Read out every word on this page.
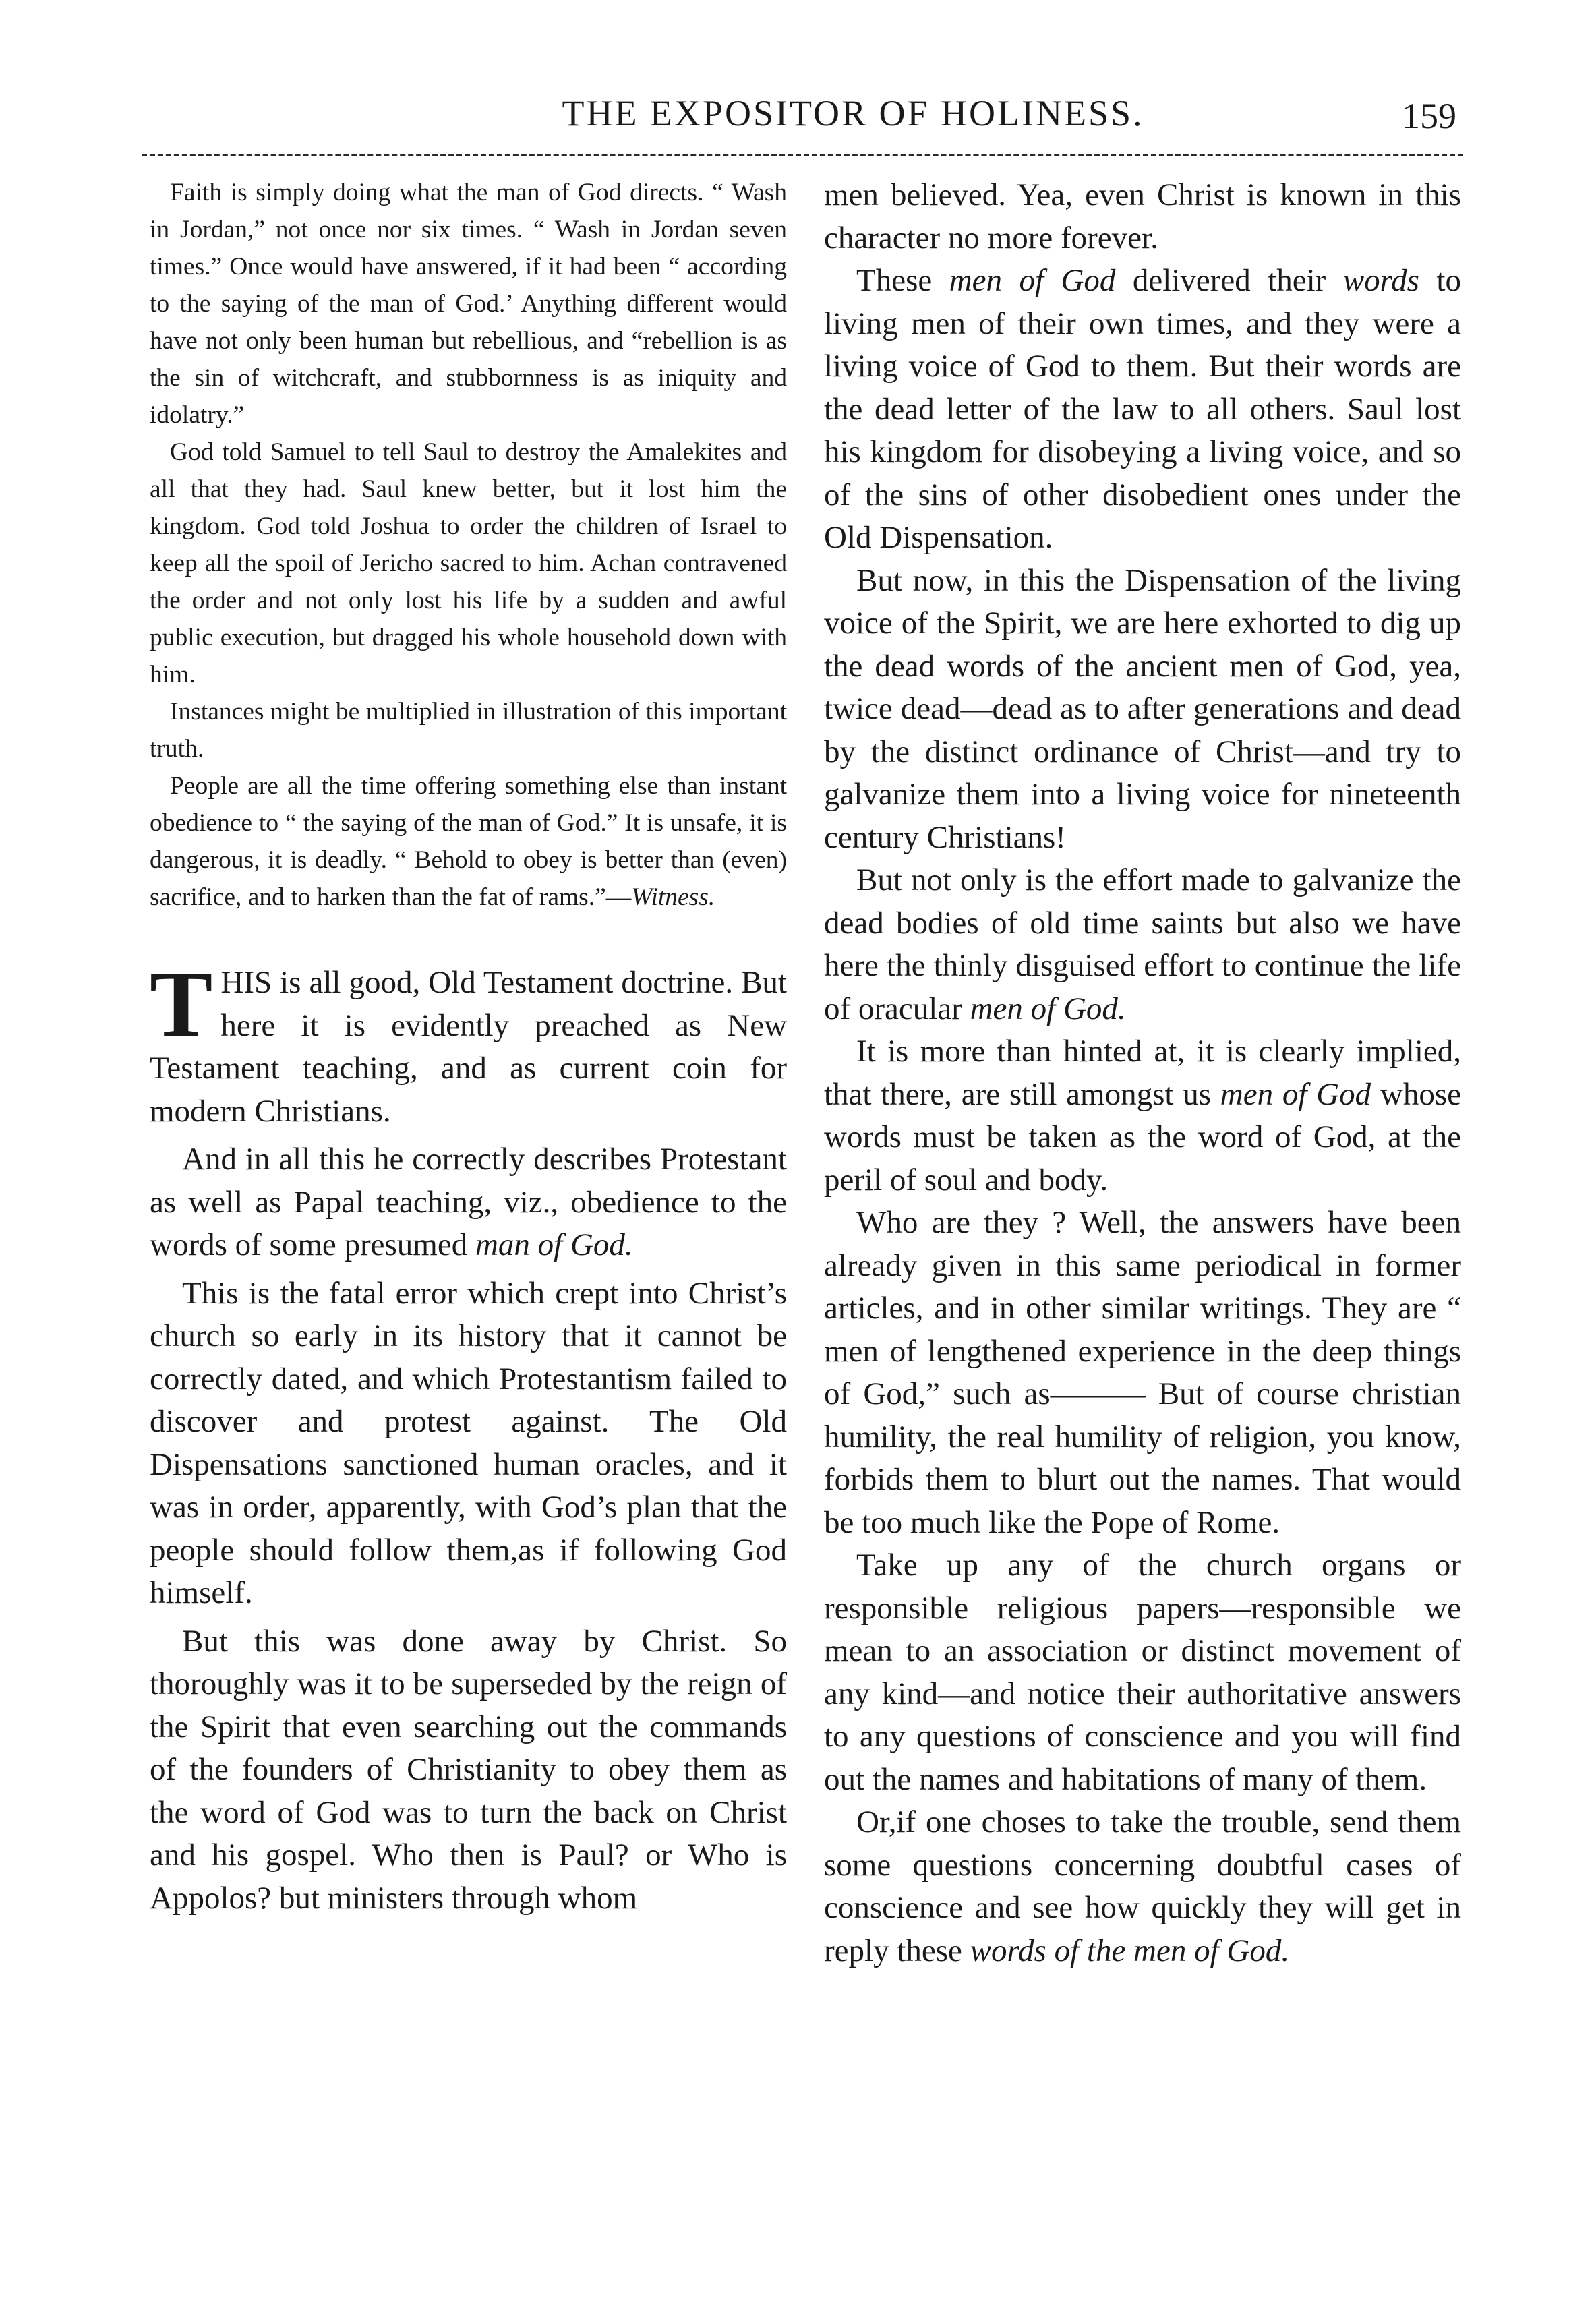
THE EXPOSITOR OF HOLINESS.	159

Faith is simply doing what the man of God directs. “ Wash in Jordan,” not once nor six times. “ Wash in Jordan seven times.” Once would have answered, if it had been “ according to the saying of the man of God.’ Anything different would have not only been human but rebellious, and “rebellion is as the sin of witchcraft, and stubbornness is as iniquity and idolatry.”

God told Samuel to tell Saul to destroy the Amalekites and all that they had. Saul knew better, but it lost him the kingdom. God told Joshua to order the children of Israel to keep all the spoil of Jericho sacred to him. Achan contravened the order and not only lost his life by a sudden and awful public execution, but dragged his whole household down with him.

Instances might be multiplied in illustration of this important truth.

People are all the time offering something else than instant obedience to “ the saying of the man of God.” It is unsafe, it is dangerous, it is deadly. “ Behold to obey is better than (even) sacrifice, and to harken than the fat of rams.”—Witness.

THIS is all good, Old Testament doctrine. But here it is evidently preached as New Testament teaching, and as current coin for modern Christians.

And in all this he correctly describes Protestant as well as Papal teaching, viz., obedience to the words of some presumed man of God.

This is the fatal error which crept into Christ’s church so early in its history that it cannot be correctly dated, and which Protestantism failed to discover and protest against. The Old Dispensations sanctioned human oracles, and it was in order, apparently, with God’s plan that the people should follow them,as if following God himself.

But this was done away by Christ. So thoroughly was it to be superseded by the reign of the Spirit that even searching out the commands of the founders of Christianity to obey them as the word of God was to turn the back on Christ and his gospel. Who then is Paul? or Who is Appolos? but ministers through whom

men believed. Yea, even Christ is known in this character no more forever.

These men of God delivered their words to living men of their own times, and they were a living voice of God to them. But their words are the dead letter of the law to all others. Saul lost his kingdom for disobeying a living voice, and so of the sins of other disobedient ones under the Old Dispensation.

But now, in this the Dispensation of the living voice of the Spirit, we are here exhorted to dig up the dead words of the ancient men of God, yea, twice dead—dead as to after generations and dead by the distinct ordinance of Christ—and try to galvanize them into a living voice for nineteenth century Christians!

But not only is the effort made to galvanize the dead bodies of old time saints but also we have here the thinly disguised effort to continue the life of oracular men of God.

It is more than hinted at, it is clearly implied, that there, are still amongst us men of God whose words must be taken as the word of God, at the peril of soul and body.

Who are they ? Well, the answers have been already given in this same periodical in former articles, and in other similar writings. They are “ men of lengthened experience in the deep things of God,” such as——— But of course christian humility, the real humility of religion, you know, forbids them to blurt out the names. That would be too much like the Pope of Rome.

Take up any of the church organs or responsible religious papers—responsible we mean to an association or distinct movement of any kind—and notice their authoritative answers to any questions of conscience and you will find out the names and habitations of many of them.

Or,if one choses to take the trouble, send them some questions concerning doubtful cases of conscience and see how quickly they will get in reply these words of the men of God.
